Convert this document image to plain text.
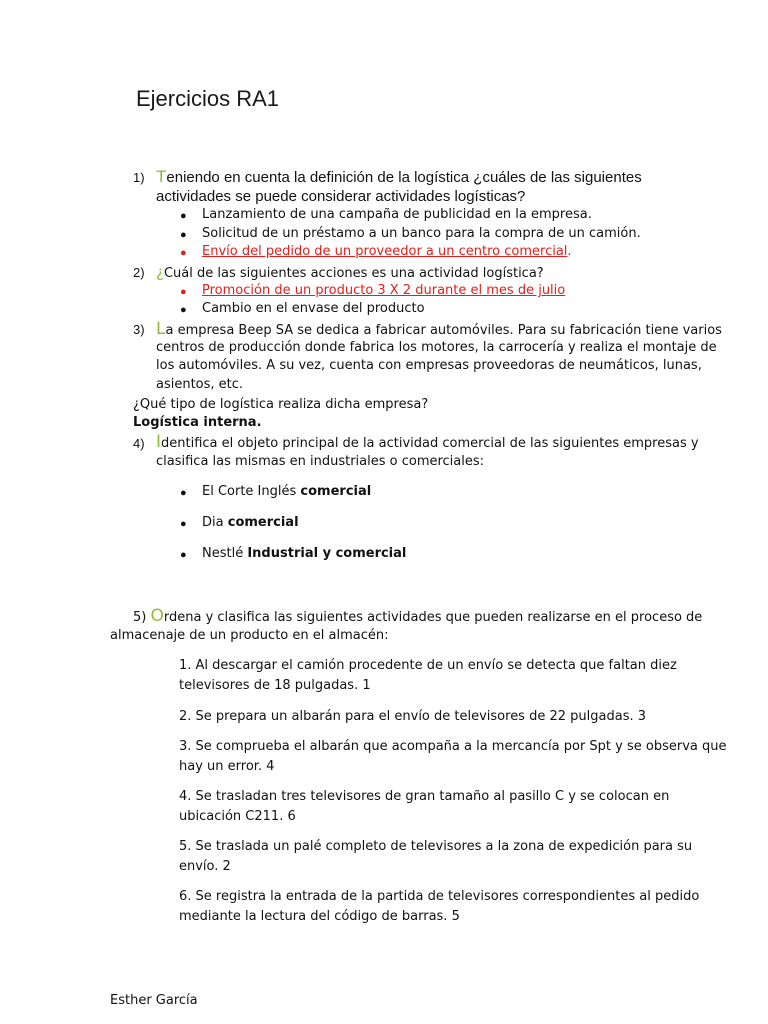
Ejercicios RA1
1) Teniendo en cuenta la definición de la logística ¿cuáles de las siguientes
actividades se puede considerar actividades logísticas?
● Lanzamiento de una campaña de publicidad en la empresa.
● Solicitud de un préstamo a un banco para la compra de un camión.
● Envío del pedido de un proveedor a un centro comercial.
2) ¿Cuál de las siguientes acciones es una actividad logística?
● Promoción de un producto 3 X 2 durante el mes de julio
● Cambio en el envase del producto
3) La empresa Beep SA se dedica a fabricar automóviles. Para su fabricación tiene varios
centros de producción donde fabrica los motores, la carrocería y realiza el montaje de
los automóviles. A su vez, cuenta con empresas proveedoras de neumáticos, lunas,
asientos, etc.
¿Qué tipo de logística realiza dicha empresa?
Logística interna.
4) Identifica el objeto principal de la actividad comercial de las siguientes empresas y
clasifica las mismas en industriales o comerciales:
● El Corte Inglés comercial
● Dia comercial
● Nestlé Industrial y comercial
5) Ordena y clasifica las siguientes actividades que pueden realizarse en el proceso de
almacenaje de un producto en el almacén:
1. Al descargar el camión procedente de un envío se detecta que faltan diez
televisores de 18 pulgadas. 1
2. Se prepara un albarán para el envío de televisores de 22 pulgadas. 3
3. Se comprueba el albarán que acompaña a la mercancía por Spt y se observa que
hay un error. 4
4. Se trasladan tres televisores de gran tamaño al pasillo C y se colocan en
ubicación C211. 6
5. Se traslada un palé completo de televisores a la zona de expedición para su
envío. 2
6. Se registra la entrada de la partida de televisores correspondientes al pedido
mediante la lectura del código de barras. 5
Esther García
